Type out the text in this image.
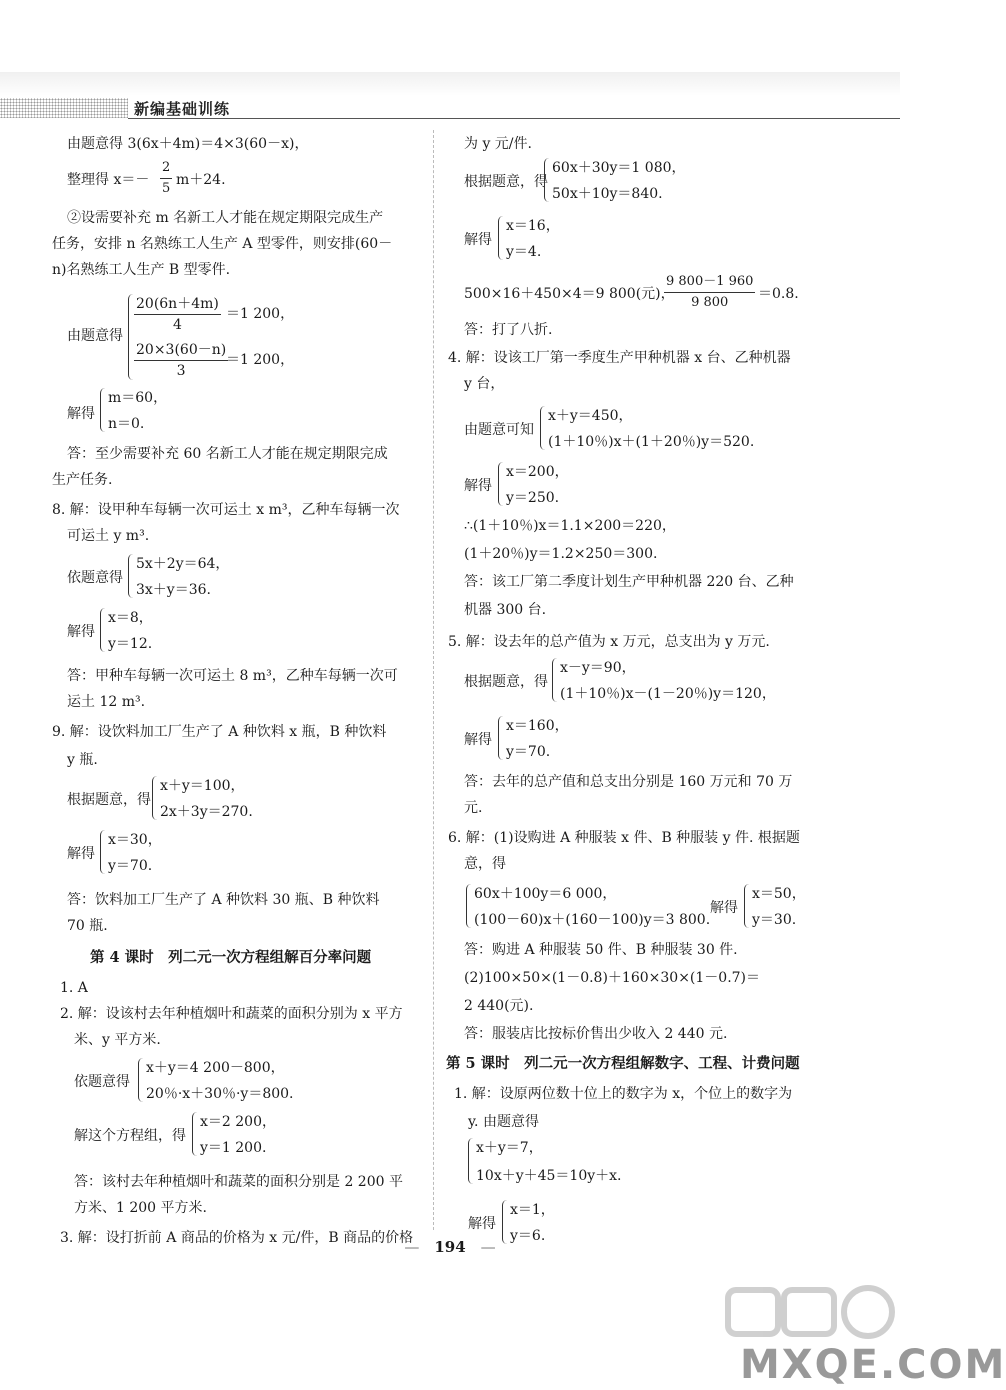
新编基础训练
由题意得 3(6x＋4m)＝4×3(60－x)，
整理得 $x=- \frac{2}{5} m+24$.
②设需要补充 m 名新工人才能在规定期限完成生产
任务，安排 n 名熟练工人生产 A 型零件，则安排(60－
n)名熟练工人生产 B 型零件.
由题意得
$\frac{20(6n+4m)}{4} =1$ 200，
$\frac{20\times 3(60-n)}{3}$
＝1 200，
解得
m＝60，
n＝0.
答：至少需要补充 60 名新工人才能在规定期限完成
生产任务.
8. 解：设甲种车每辆一次可运土 x m³，乙种车每辆一次
可运土 y m³.
依题意得
5x＋2y＝64，
3x＋y＝36.
解得
x＝8，
y＝12.
答：甲种车每辆一次可运土 8 m³，乙种车每辆一次可
运土 12 m³.
9. 解：设饮料加工厂生产了 A 种饮料 x 瓶，B 种饮料
y 瓶.
根据题意，得
x＋y＝100，
2x＋3y＝270.
解得
x＝30，
y＝70.
答：饮料加工厂生产了 A 种饮料 30 瓶、B 种饮料
70 瓶.
第 4 课时　列二元一次方程组解百分率问题
1. A
2. 解：设该村去年种植烟叶和蔬菜的面积分别为 x 平方
米、y 平方米.
依题意得
x＋y＝4 200－800，
20％·x＋30％·y＝800.
解这个方程组，得
x＝2 200，
y＝1 200.
答：该村去年种植烟叶和蔬菜的面积分别是 2 200 平
方米、1 200 平方米.
3. 解：设打折前 A 商品的价格为 x 元/件，B 商品的价格
为 y 元/件.
根据题意，得
60x＋30y＝1 080，
50x＋10y＝840.
解得
x＝16，
y＝4.
500×16＋450×4＝9 800(元)，
$\frac{9 800-1 960}{9 800} =0.8$.
答：打了八折.
4. 解：设该工厂第一季度生产甲种机器 x 台、乙种机器
y 台，
由题意可知
x＋y＝450，
(1＋10％)x＋(1＋20％)y＝520.
解得
x＝200，
y＝250.
∴(1＋10％)x＝1.1×200＝220，
(1＋20％)y＝1.2×250＝300.
答：该工厂第二季度计划生产甲种机器 220 台、乙种
机器 300 台.
5. 解：设去年的总产值为 x 万元，总支出为 y 万元.
根据题意，得
x－y＝90，
(1＋10％)x－(1－20％)y＝120，
解得
x＝160，
y＝70.
答：去年的总产值和总支出分别是 160 万元和 70 万
元.
6. 解：(1)设购进 A 种服装 x 件、B 种服装 y 件. 根据题
意，得
60x＋100y＝6 000，
(100－60)x＋(160－100)y＝3 800.
解得
x＝50，
y＝30.
答：购进 A 种服装 50 件、B 种服装 30 件.
(2)100×50×(1－0.8)＋160×30×(1－0.7)＝
2 440(元).
答：服装店比按标价售出少收入 2 440 元.
第 5 课时　列二元一次方程组解数字、工程、计费问题
1. 解：设原两位数十位上的数字为 x，个位上的数字为
y. 由题意得
x＋y＝7，
10x＋y＋45＝10y＋x.
解得
x＝1，
y＝6.
—　194　—
MXQE.COM
